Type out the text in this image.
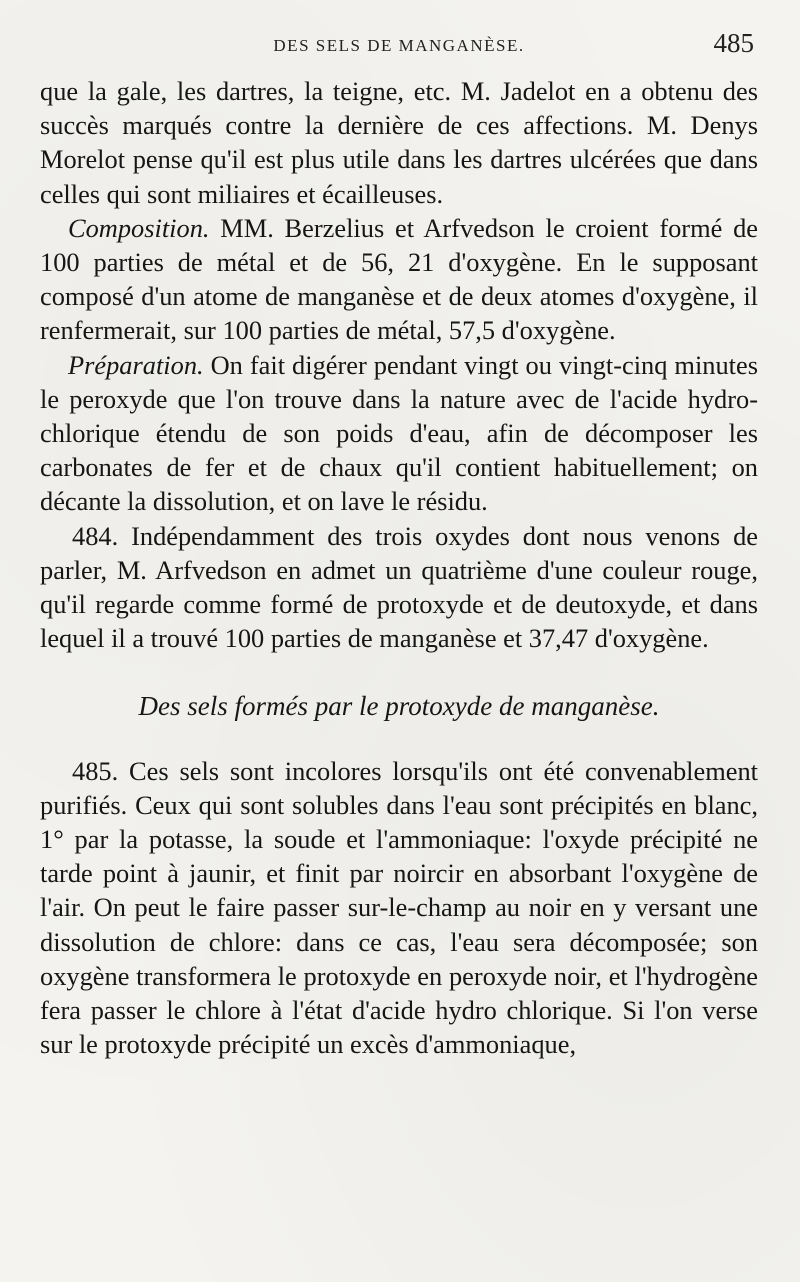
DES SELS DE MANGANÈSE.	485

que la gale, les dartres, la teigne, etc. M. Jadelot en a obtenu des succès marqués contre la dernière de ces affections. M. Denys Morelot pense qu'il est plus utile dans les dartres ulcérées que dans celles qui sont miliaires et écailleuses.

Composition. MM. Berzelius et Arfvedson le croient formé de 100 parties de métal et de 56, 21 d'oxygène. En le supposant composé d'un atome de manganèse et de deux atomes d'oxygène, il renfermerait, sur 100 parties de métal, 57,5 d'oxygène.

Préparation. On fait digérer pendant vingt ou vingt-cinq minutes le peroxyde que l'on trouve dans la nature avec de l'acide hydro-chlorique étendu de son poids d'eau, afin de décomposer les carbonates de fer et de chaux qu'il contient habituellement; on décante la dissolution, et on lave le résidu.

484. Indépendamment des trois oxydes dont nous venons de parler, M. Arfvedson en admet un quatrième d'une couleur rouge, qu'il regarde comme formé de protoxyde et de deutoxyde, et dans lequel il a trouvé 100 parties de manganèse et 37,47 d'oxygène.

Des sels formés par le protoxyde de manganèse.

485. Ces sels sont incolores lorsqu'ils ont été convenablement purifiés. Ceux qui sont solubles dans l'eau sont précipités en blanc, 1° par la potasse, la soude et l'ammoniaque: l'oxyde précipité ne tarde point à jaunir, et finit par noircir en absorbant l'oxygène de l'air. On peut le faire passer sur-le-champ au noir en y versant une dissolution de chlore: dans ce cas, l'eau sera décomposée; son oxygène transformera le protoxyde en peroxyde noir, et l'hydrogène fera passer le chlore à l'état d'acide hydro chlorique. Si l'on verse sur le protoxyde précipité un excès d'ammoniaque,
